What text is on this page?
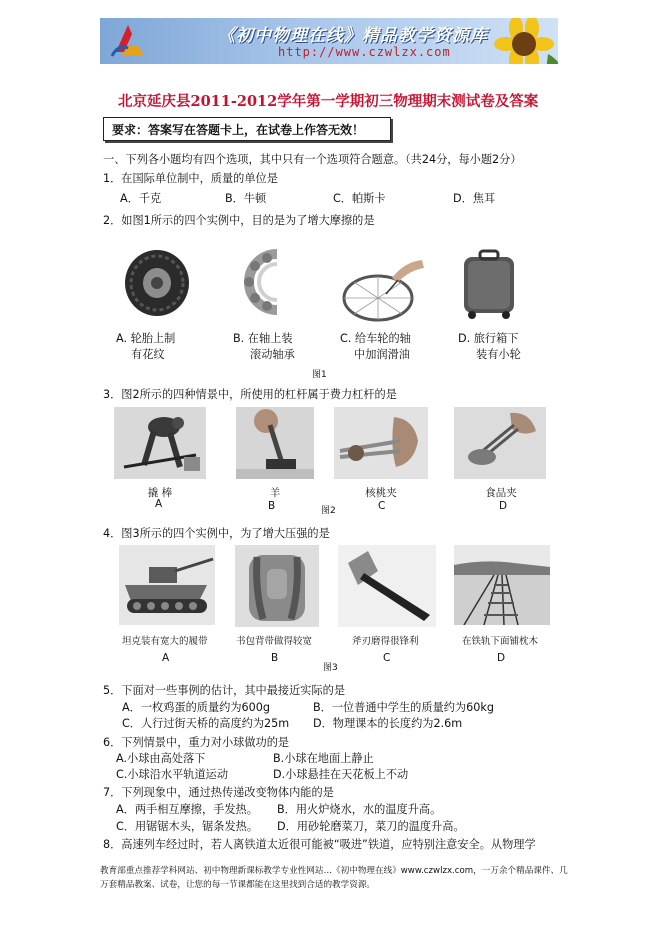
《初中物理在线》精品教学资源库
http://www.czwlzx.com
北京延庆县2011-2012学年第一学期初三物理期末测试卷及答案
要求：答案写在答题卡上，在试卷上作答无效！
一、下列各小题均有四个选项，其中只有一个选项符合题意。（共24分，每小题2分）
1．在国际单位制中，质量的单位是
A．千克	B．牛顿	C．帕斯卡	D．焦耳
2．如图1所示的四个实例中，目的是为了增大摩擦的是
A. 轮胎上制
有花纹
B. 在轴上装
滚动轴承
C. 给车轮的轴
中加润滑油
D. 旅行箱下
装有小轮
图1
3．图2所示的四种情景中，所使用的杠杆属于费力杠杆的是
撬 棒	羊	核桃夹	食品夹
A	B	图2	C	D
4．图3所示的四个实例中，为了增大压强的是
坦克装有宽大的履带	书包背带做得较宽	斧刃磨得很锋利	在铁轨下面铺枕木
A	B	C	D
图3
5．下面对一些事例的估计，其中最接近实际的是
A．一枚鸡蛋的质量约为600g	B．一位普通中学生的质量约为60kg
C．人行过街天桥的高度约为25m D．物理课本的长度约为2.6m
6．下列情景中，重力对小球做功的是
A.小球由高处落下	B.小球在地面上静止
C.小球沿水平轨道运动	D.小球悬挂在天花板上不动
7．下列现象中，通过热传递改变物体内能的是
A．两手相互摩擦，手发热。 B．用火炉烧水，水的温度升高。
C．用锯锯木头，锯条发热。 D．用砂轮磨菜刀，菜刀的温度升高。
8．高速列车经过时，若人离铁道太近很可能被“吸进”铁道，应特别注意安全。从物理学
教育部重点推荐学科网站、初中物理新课标教学专业性网站…《初中物理在线》www.czwlzx.com，一万余个精品课件、几万套精品教案、试卷，让您的每一节课都能在这里找到合适的教学资源。
